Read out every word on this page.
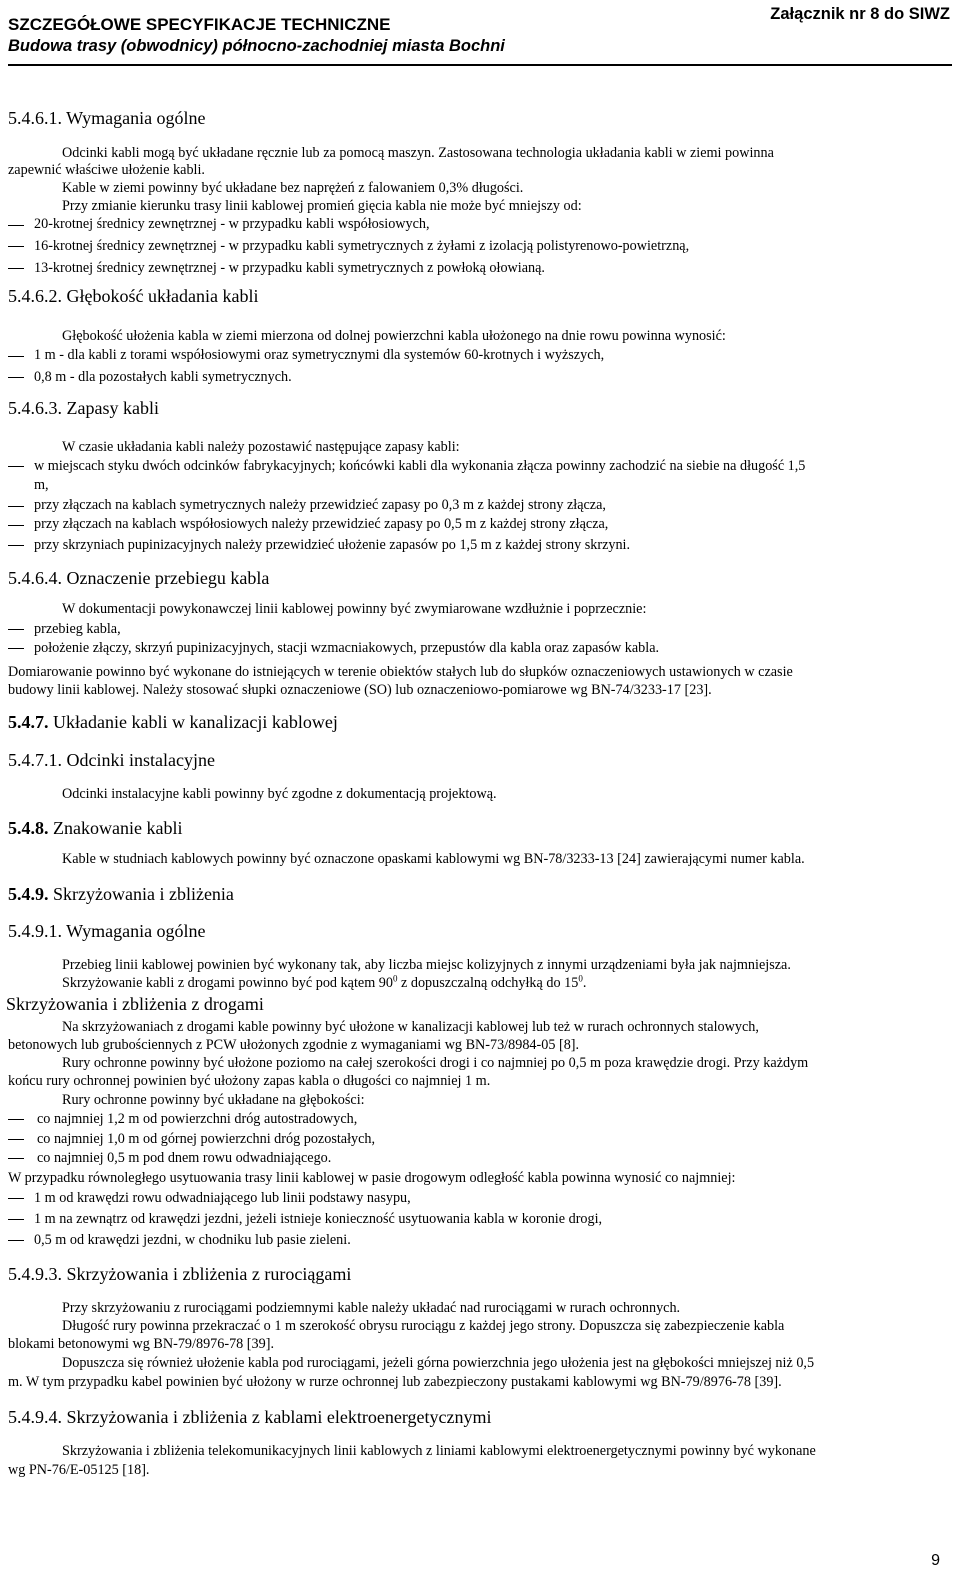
SZCZEGÓŁOWE SPECYFIKACJE TECHNICZNE
Budowa trasy (obwodnicy) północno-zachodniej miasta Bochni
Załącznik nr 8 do SIWZ
5.4.6.1. Wymagania ogólne
Odcinki kabli mogą być układane ręcznie lub za pomocą maszyn. Zastosowana technologia układania kabli w ziemi powinna
zapewnić właściwe ułożenie kabli.
Kable w ziemi powinny być układane bez naprężeń z falowaniem 0,3% długości.
Przy zmianie kierunku trasy linii kablowej promień gięcia kabla nie może być mniejszy od:
20-krotnej średnicy zewnętrznej - w przypadku kabli współosiowych,
16-krotnej średnicy zewnętrznej - w przypadku kabli symetrycznych z żyłami z izolacją polistyrenowo-powietrzną,
13-krotnej średnicy zewnętrznej - w przypadku kabli symetrycznych z powłoką ołowianą.
5.4.6.2. Głębokość układania kabli
Głębokość ułożenia kabla w ziemi mierzona od dolnej powierzchni kabla ułożonego na dnie rowu powinna wynosić:
1 m - dla kabli z torami współosiowymi oraz symetrycznymi dla systemów 60-krotnych i wyższych,
0,8 m - dla pozostałych kabli symetrycznych.
5.4.6.3. Zapasy kabli
W czasie układania kabli należy pozostawić następujące zapasy kabli:
w miejscach styku dwóch odcinków fabrykacyjnych; końcówki kabli dla wykonania złącza powinny zachodzić na siebie na długość 1,5
m,
przy złączach na kablach symetrycznych należy przewidzieć zapasy po 0,3 m z każdej strony złącza,
przy złączach na kablach współosiowych należy przewidzieć zapasy po 0,5 m z każdej strony złącza,
przy skrzyniach pupinizacyjnych należy przewidzieć ułożenie zapasów po 1,5 m z każdej strony skrzyni.
5.4.6.4. Oznaczenie przebiegu kabla
W dokumentacji powykonawczej linii kablowej powinny być zwymiarowane wzdłużnie i poprzecznie:
przebieg kabla,
położenie złączy, skrzyń pupinizacyjnych, stacji wzmacniakowych, przepustów dla kabla oraz zapasów kabla.
Domiarowanie powinno być wykonane do istniejących w terenie obiektów stałych lub do słupków oznaczeniowych ustawionych w czasie
budowy linii kablowej. Należy stosować słupki oznaczeniowe (SO) lub oznaczeniowo-pomiarowe wg BN-74/3233-17 [23].
5.4.7. Układanie kabli w kanalizacji kablowej
5.4.7.1. Odcinki instalacyjne
Odcinki instalacyjne kabli powinny być zgodne z dokumentacją projektową.
5.4.8. Znakowanie kabli
Kable w studniach kablowych powinny być oznaczone opaskami kablowymi wg BN-78/3233-13 [24] zawierającymi numer kabla.
5.4.9. Skrzyżowania i zbliżenia
5.4.9.1. Wymagania ogólne
Przebieg linii kablowej powinien być wykonany tak, aby liczba miejsc kolizyjnych z innymi urządzeniami była jak najmniejsza.
Skrzyżowanie kabli z drogami powinno być pod kątem $90^0$ z dopuszczalną odchyłką do $15^0$.
Skrzyżowania i zbliżenia z drogami
Na skrzyżowaniach z drogami kable powinny być ułożone w kanalizacji kablowej lub też w rurach ochronnych stalowych,
betonowych lub grubościennych z PCW ułożonych zgodnie z wymaganiami wg BN-73/8984-05 [8].
Rury ochronne powinny być ułożone poziomo na całej szerokości drogi i co najmniej po 0,5 m poza krawędzie drogi. Przy każdym
końcu rury ochronnej powinien być ułożony zapas kabla o długości co najmniej 1 m.
Rury ochronne powinny być układane na głębokości:
co najmniej 1,2 m od powierzchni dróg autostradowych,
co najmniej 1,0 m od górnej powierzchni dróg pozostałych,
co najmniej 0,5 m pod dnem rowu odwadniającego.
W przypadku równoległego usytuowania trasy linii kablowej w pasie drogowym odległość kabla powinna wynosić co najmniej:
1 m od krawędzi rowu odwadniającego lub linii podstawy nasypu,
1 m na zewnątrz od krawędzi jezdni, jeżeli istnieje konieczność usytuowania kabla w koronie drogi,
0,5 m od krawędzi jezdni, w chodniku lub pasie zieleni.
5.4.9.3. Skrzyżowania i zbliżenia z rurociągami
Przy skrzyżowaniu z rurociągami podziemnymi kable należy układać nad rurociągami w rurach ochronnych.
Długość rury powinna przekraczać o 1 m szerokość obrysu rurociągu z każdej jego strony. Dopuszcza się zabezpieczenie kabla
blokami betonowymi wg BN-79/8976-78 [39].
Dopuszcza się również ułożenie kabla pod rurociągami, jeżeli górna powierzchnia jego ułożenia jest na głębokości mniejszej niż 0,5
m. W tym przypadku kabel powinien być ułożony w rurze ochronnej lub zabezpieczony pustakami kablowymi wg BN-79/8976-78 [39].
5.4.9.4. Skrzyżowania i zbliżenia z kablami elektroenergetycznymi
Skrzyżowania i zbliżenia telekomunikacyjnych linii kablowych z liniami kablowymi elektroenergetycznymi powinny być wykonane
wg PN-76/E-05125 [18].
9
